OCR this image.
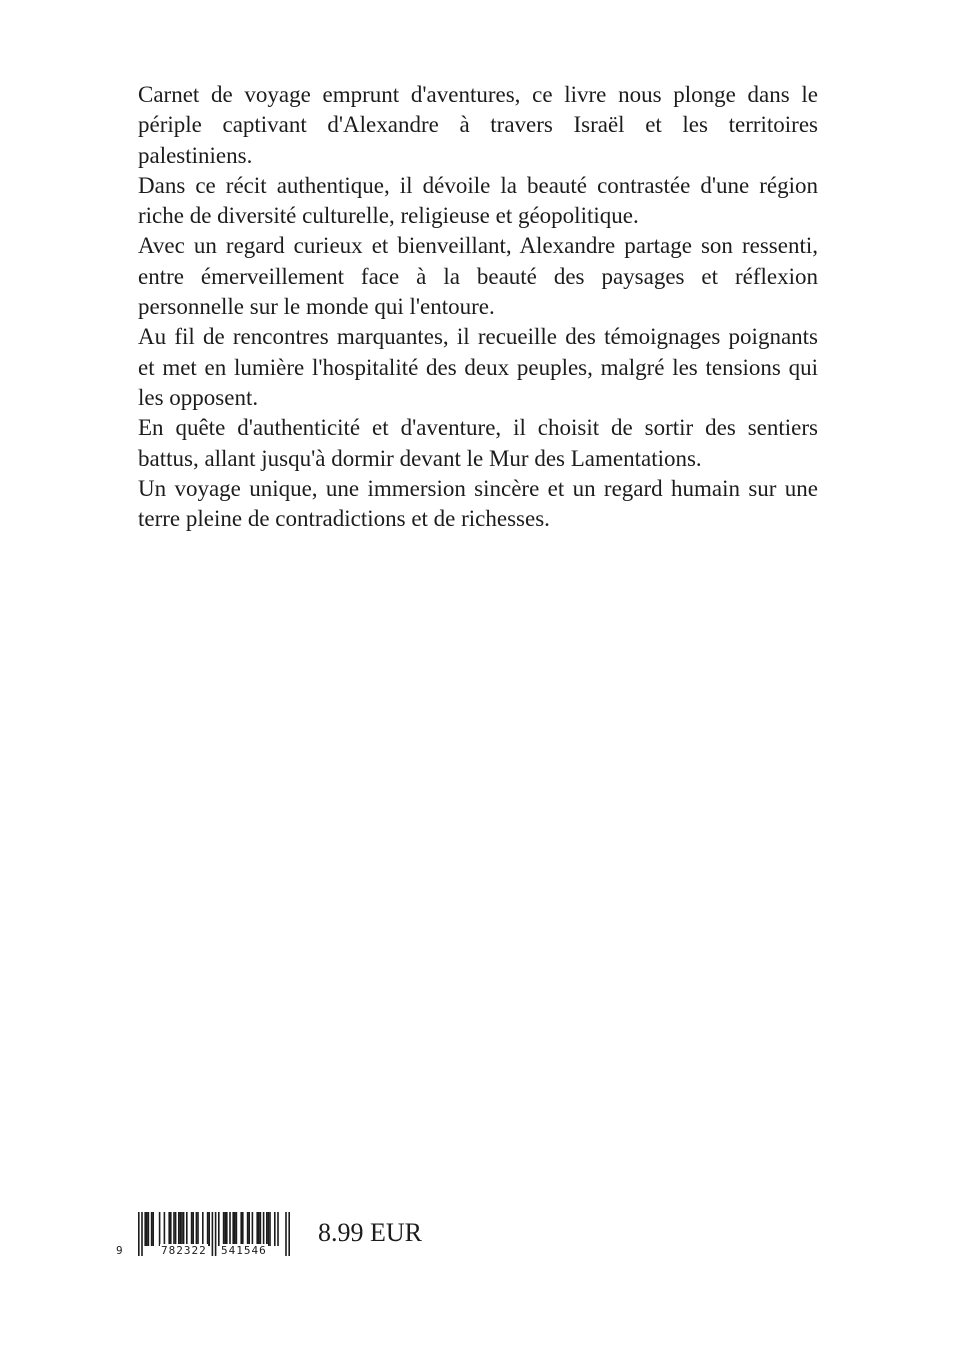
Carnet de voyage emprunt d'aventures, ce livre nous plonge dans le périple captivant d'Alexandre à travers Israël et les territoires palestiniens.

Dans ce récit authentique, il dévoile la beauté contrastée d'une région riche de diversité culturelle, religieuse et géopolitique.

Avec un regard curieux et bienveillant, Alexandre partage son ressenti, entre émerveillement face à la beauté des paysages et réflexion personnelle sur le monde qui l'entoure.

Au fil de rencontres marquantes, il recueille des témoignages poignants et met en lumière l'hospitalité des deux peuples, malgré les tensions qui les opposent.

En quête d'authenticité et d'aventure, il choisit de sortir des sentiers battus, allant jusqu'à dormir devant le Mur des Lamentations.

Un voyage unique, une immersion sincère et un regard humain sur une terre pleine de contradictions et de richesses.

9	782322 541546
8.99 EUR
